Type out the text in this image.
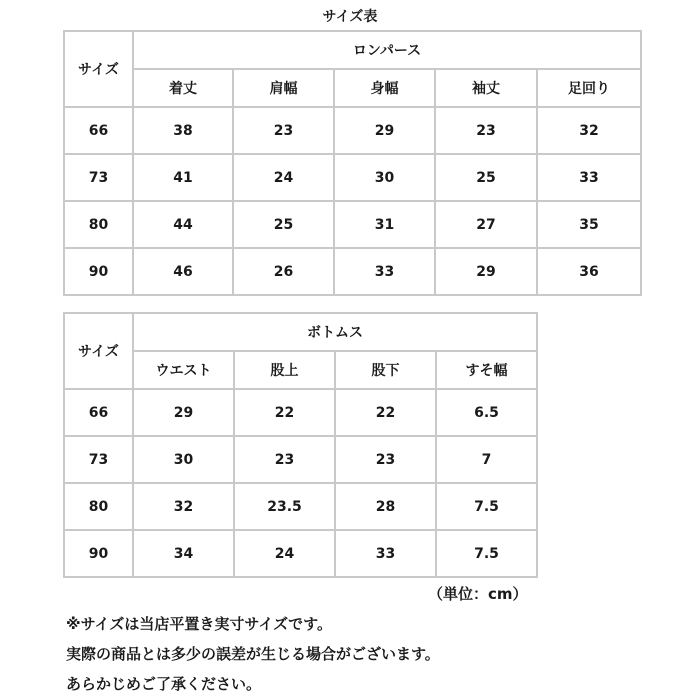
サイズ表
サイズ	ロンパース				
	着丈	肩幅	身幅	袖丈	足回り
66	38	23	29	23	32
73	41	24	30	25	33
80	44	25	31	27	35
90	46	26	33	29	36
サイズ	ボトムス			
	ウエスト	股上	股下	すそ幅
66	29	22	22	6.5
73	30	23	23	7
80	32	23.5	28	7.5
90	34	24	33	7.5
（単位：cm）
※サイズは当店平置き実寸サイズです。
実際の商品とは多少の誤差が生じる場合がございます。
あらかじめご了承ください。
